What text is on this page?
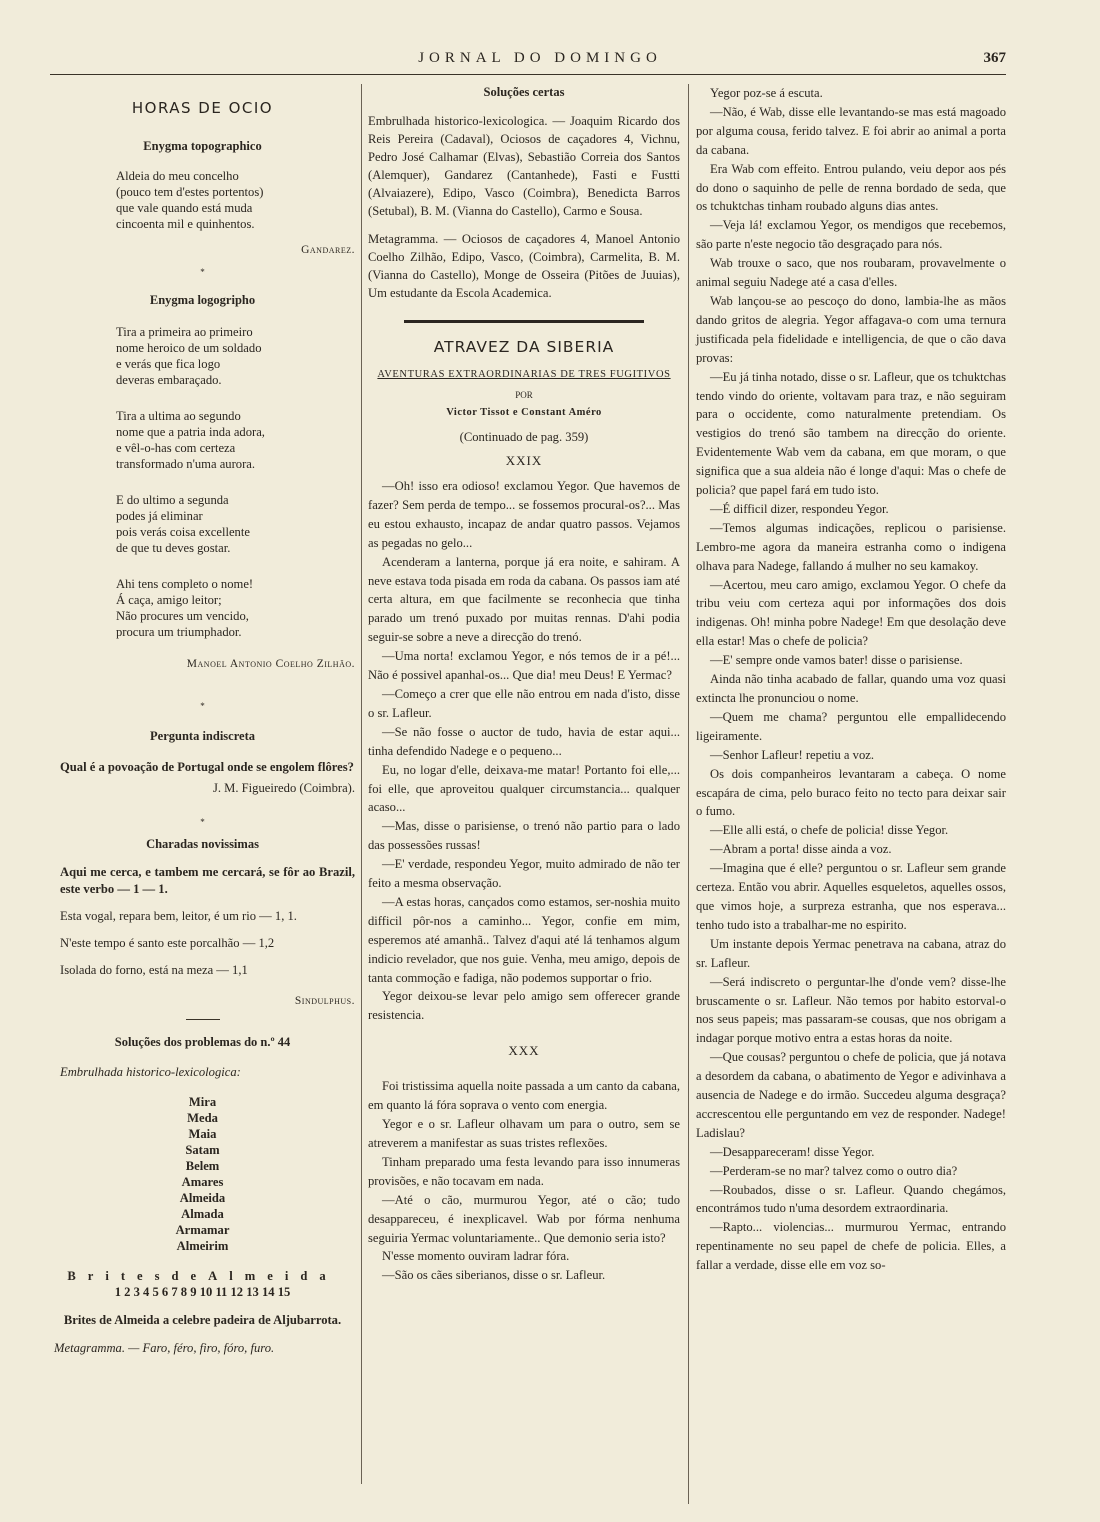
JORNAL DO DOMINGO	367
HORAS DE OCIO
Enygma topographico
Aldeia do meu concelho
(pouco tem d'estes portentos)
que vale quando está muda
cincoenta mil e quinhentos.
Gandarez.
*
Enygma logogripho
Tira a primeira ao primeiro
nome heroico de um soldado
e verás que fica logo
deveras embaraçado.
Tira a ultima ao segundo
nome que a patria inda adora,
e vêl-o-has com certeza
transformado n'uma aurora.
E do ultimo a segunda
podes já eliminar
pois verás coisa excellente
de que tu deves gostar.
Ahi tens completo o nome!
Á caça, amigo leitor;
Não procures um vencido,
procura um triumphador.
Manoel Antonio Coelho Zilhão.
*
Pergunta indiscreta
Qual é a povoação de Portugal onde se engolem flôres?
J. M. Figueiredo (Coimbra).
*
Charadas novissimas
Aqui me cerca, e tambem me cercará, se fôr ao Brazil, este verbo — 1 — 1.
Esta vogal, repara bem, leitor, é um rio — 1, 1.
N'este tempo é santo este porcalhão — 1,2
Isolada do forno, está na meza — 1,1
Sindulphus.
Soluções dos problemas do n.º 44
Embrulhada historico-lexicologica:
Mira
Meda
Maia
Satam
Belem
Amares
Almeida
Almada
Armamar
Almeirim
BritesdeAlmeida
1 2 3 4 5 6 7 8 9 10 11 12 13 14 15
Brites de Almeida a celebre padeira de Aljubarrota.
Metagramma. — Faro, féro, firo, fóro, furo.
Soluções certas

Embrulhada historico-lexicologica. — Joaquim Ricardo dos Reis Pereira (Cadaval), Ociosos de caçadores 4, Vichnu, Pedro José Calhamar (Elvas), Sebastião Correia dos Santos (Alemquer), Gandarez (Cantanhede), Fasti e Fustti (Alvaiazere), Edipo, Vasco (Coimbra), Benedicta Barros (Setubal), B. M. (Vianna do Castello), Carmo e Sousa.

Metagramma. — Ociosos de caçadores 4, Manoel Antonio Coelho Zilhão, Edipo, Vasco, (Coimbra), Carmelita, B. M. (Vianna do Castello), Monge de Osseira (Pitões de Juuias), Um estudante da Escola Academica.

ATRAVEZ DA SIBERIA
AVENTURAS EXTRAORDINARIAS DE TRES FUGITIVOS
POR
Victor Tissot e Constant Améro
(Continuado de pag. 359)
XXIX

—Oh! isso era odioso! exclamou Yegor. Que havemos de fazer? Sem perda de tempo... se fossemos procural-os?... Mas eu estou exhausto, incapaz de andar quatro passos. Vejamos as pegadas no gelo...

Acenderam a lanterna, porque já era noite, e sahiram. A neve estava toda pisada em roda da cabana. Os passos iam até certa altura, em que facilmente se reconhecia que tinha parado um trenó puxado por muitas rennas. D'ahi podia seguir-se sobre a neve a direcção do trenó.

—Uma norta! exclamou Yegor, e nós temos de ir a pé!... Não é possivel apanhal-os... Que dia! meu Deus! E Yermac?

—Começo a crer que elle não entrou em nada d'isto, disse o sr. Lafleur.

—Se não fosse o auctor de tudo, havia de estar aqui... tinha defendido Nadege e o pequeno...

Eu, no logar d'elle, deixava-me matar! Portanto foi elle,... foi elle, que aproveitou qualquer circumstancia... qualquer acaso...

—Mas, disse o parisiense, o trenó não partio para o lado das possessões russas!

—E' verdade, respondeu Yegor, muito admirado de não ter feito a mesma observação.

—A estas horas, cançados como estamos, ser-noshia muito difficil pôr-nos a caminho... Yegor, confie em mim, esperemos até amanhã.. Talvez d'aqui até lá tenhamos algum indicio revelador, que nos guie. Venha, meu amigo, depois de tanta commoção e fadiga, não podemos supportar o frio.

Yegor deixou-se levar pelo amigo sem offerecer grande resistencia.

XXX

Foi tristissima aquella noite passada a um canto da cabana, em quanto lá fóra soprava o vento com energia.

Yegor e o sr. Lafleur olhavam um para o outro, sem se atreverem a manifestar as suas tristes reflexões.

Tinham preparado uma festa levando para isso innumeras provisões, e não tocavam em nada.

—Até o cão, murmurou Yegor, até o cão; tudo desappareceu, é inexplicavel. Wab por fórma nenhuma seguiria Yermac voluntariamente.. Que demonio seria isto?

N'esse momento ouviram ladrar fóra.

—São os cães siberianos, disse o sr. Lafleur.

Yegor poz-se á escuta.

—Não, é Wab, disse elle levantando-se mas está magoado por alguma cousa, ferido talvez. E foi abrir ao animal a porta da cabana.

Era Wab com effeito. Entrou pulando, veiu depor aos pés do dono o saquinho de pelle de renna bordado de seda, que os tchuktchas tinham roubado alguns dias antes.

—Veja lá! exclamou Yegor, os mendigos que recebemos, são parte n'este negocio tão desgraçado para nós.

Wab trouxe o saco, que nos roubaram, provavelmente o animal seguiu Nadege até a casa d'elles.

Wab lançou-se ao pescoço do dono, lambia-lhe as mãos dando gritos de alegria. Yegor affagava-o com uma ternura justificada pela fidelidade e intelligencia, de que o cão dava provas:

—Eu já tinha notado, disse o sr. Lafleur, que os tchuktchas tendo vindo do oriente, voltavam para traz, e não seguiram para o occidente, como naturalmente pretendiam. Os vestigios do trenó são tambem na direcção do oriente. Evidentemente Wab vem da cabana, em que moram, o que significa que a sua aldeia não é longe d'aqui: Mas o chefe de policia? que papel fará em tudo isto.

—É difficil dizer, respondeu Yegor.

—Temos algumas indicações, replicou o parisiense. Lembro-me agora da maneira estranha como o indigena olhava para Nadege, fallando á mulher no seu kamakoy.

—Acertou, meu caro amigo, exclamou Yegor. O chefe da tribu veiu com certeza aqui por informações dos dois indigenas. Oh! minha pobre Nadege! Em que desolação deve ella estar! Mas o chefe de policia?

—E' sempre onde vamos bater! disse o parisiense.

Ainda não tinha acabado de fallar, quando uma voz quasi extincta lhe pronunciou o nome.

—Quem me chama? perguntou elle empallidecendo ligeiramente.

—Senhor Lafleur! repetiu a voz.

Os dois companheiros levantaram a cabeça. O nome escapára de cima, pelo buraco feito no tecto para deixar sair o fumo.

—Elle alli está, o chefe de policia! disse Yegor.

—Abram a porta! disse ainda a voz.

—Imagina que é elle? perguntou o sr. Lafleur sem grande certeza. Então vou abrir. Aquelles esqueletos, aquelles ossos, que vimos hoje, a surpreza estranha, que nos esperava... tenho tudo isto a trabalhar-me no espirito.

Um instante depois Yermac penetrava na cabana, atraz do sr. Lafleur.

—Será indiscreto o perguntar-lhe d'onde vem? disse-lhe bruscamente o sr. Lafleur. Não temos por habito estorval-o nos seus papeis; mas passaram-se cousas, que nos obrigam a indagar porque motivo entra a estas horas da noite.

—Que cousas? perguntou o chefe de policia, que já notava a desordem da cabana, o abatimento de Yegor e adivinhava a ausencia de Nadege e do irmão. Succedeu alguma desgraça? accrescentou elle perguntando em vez de responder. Nadege! Ladislau?

—Desappareceram! disse Yegor.

—Perderam-se no mar? talvez como o outro dia?

—Roubados, disse o sr. Lafleur. Quando chegámos, encontrámos tudo n'uma desordem extraordinaria.

—Rapto... violencias... murmurou Yermac, entrando repentinamente no seu papel de chefe de policia. Elles, a fallar a verdade, disse elle em voz so-
